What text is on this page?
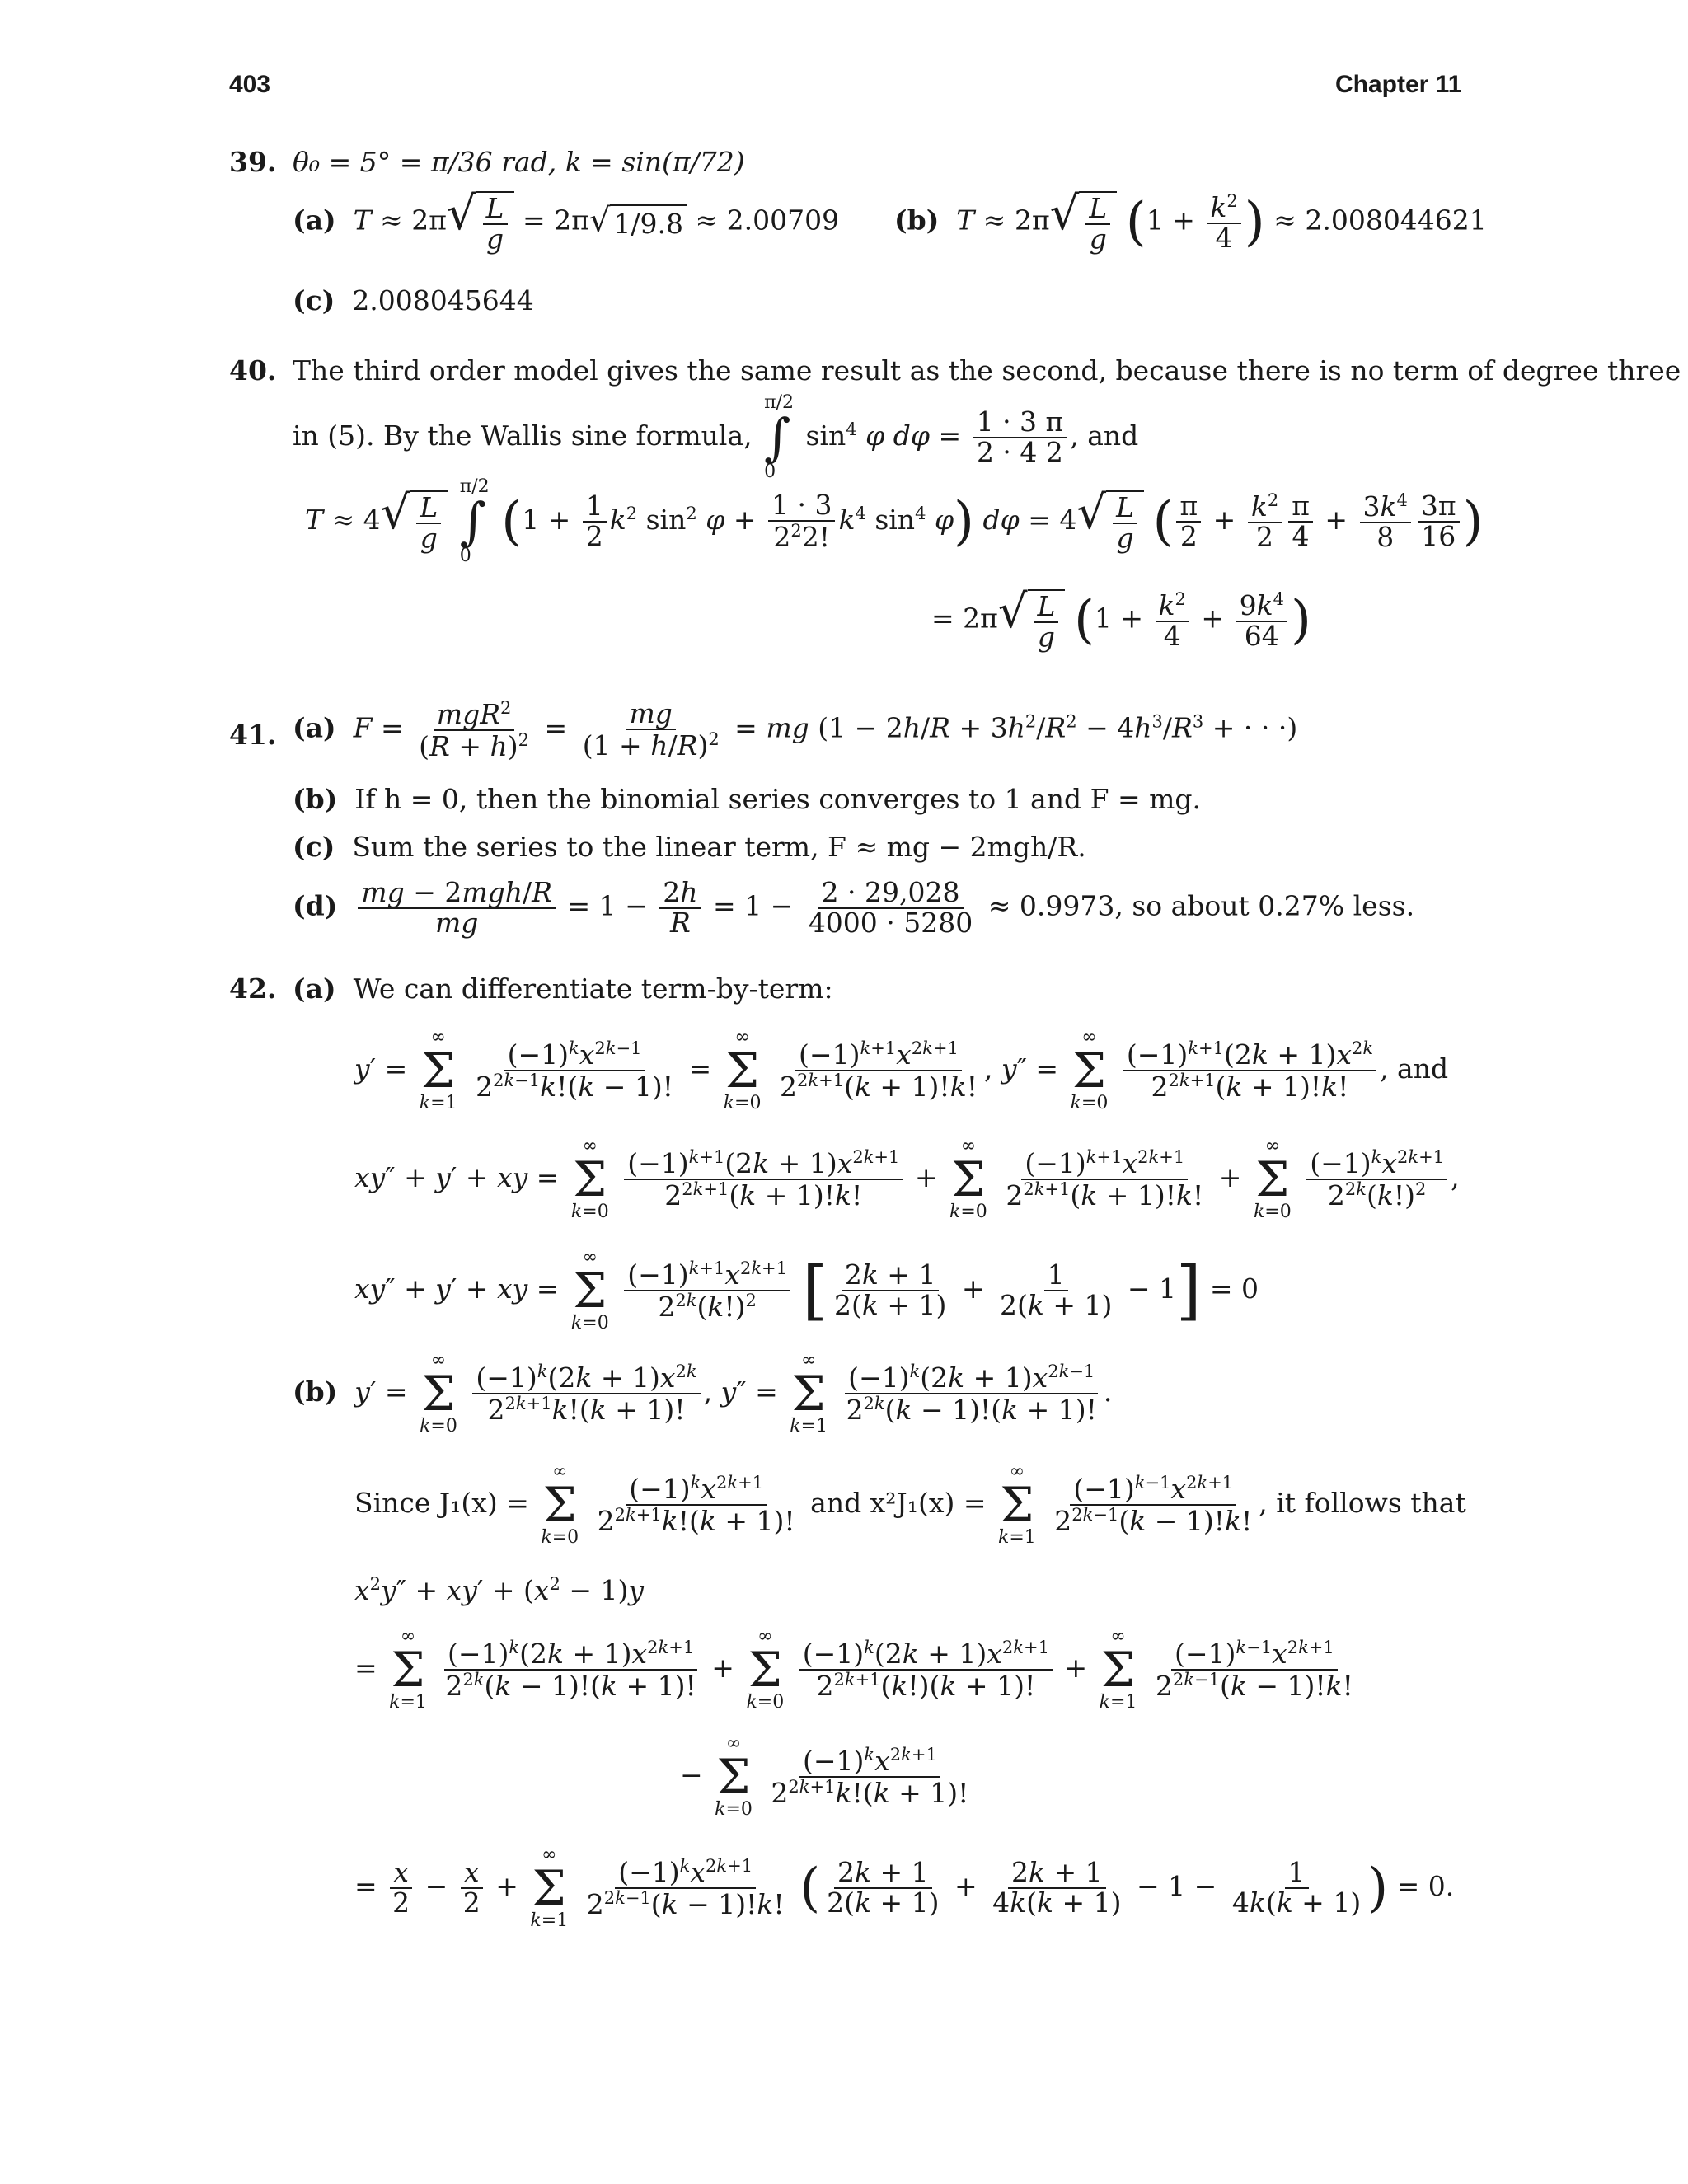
403	Chapter 11
39. θ₀ = 5° = π/36 rad, k = sin(π/72)
(a) T ≈ 2π √ $\frac{L}{g} = 2\pi$ √ 1/9.8 ≈ 2.00709 (b) T ≈ 2π √ $\frac{L}{g} (1 + \frac{k^2}{4}$ ) ≈ 2.008044621
(c) 2.008045644
40. The third order model gives the same result as the second, because there is no term of degree three
in (5). By the Wallis sine formula,
π/2
∫
0
$\sin^4 \varphi$ $d\varphi = \frac{1 \cdot 3 \pi}{2 \cdot 4 2}$ , and
T ≈ 4 √ $\frac{L}{g}$

π/2
∫
0
($1 + \frac{1}{2} k^2$ $\sin^2 \varphi + \frac{1 \cdot 3}{2^22!} k^4$ $\sin^4 \varphi$) dφ = 4 √ $\frac{L}{g}$ ( $\frac{\pi}{2} + \frac{k^2}{2} \frac{\pi}{4} + \frac{3k^4}{8} \frac{3\pi}{16}$ )
= 2π √ $\frac{L}{g} (1 + \frac{k^2}{4} + \frac{9k^4}{64}$ )
41. (a) $F = \frac{mgR^2}{(R + h)^2} = \frac{mg}{(1 + h/R)^2}$ = mg ($1 - 2h/R + 3h^2/R^2 - 4h^3/R^3$ + · · ·)
(b) If h = 0, then the binomial series converges to 1 and F = mg.
(c) Sum the series to the linear term, F ≈ mg − 2mgh/R.
$(d) \frac{\text{mg − 2mgh/R}}{mg} = 1 - \frac{2h}{R} = 1 - \frac{2 \cdot 29,028}{4000 \cdot 5280} \approx 0.9973$, so about 0.27% less.
42. (a) We can differentiate term-by-term:
y′ =
∞
Σ
k=1

$\frac{(-1)^kx^{2k-1}}{2^{2k-1}k!(k - 1)!}$ =
∞
Σ
k=0

$\frac{(-1)^{k+1}x^{2k+1}}{2^{2k+1}(k + 1)!k!}$ , y″ =
∞
Σ
k=0

$\frac{(-1)^{k+1}(2k + 1)x^{2k}}{2^{2k+1}(k + 1)!k!}$ , and
xy″ + y′ + xy =
∞
Σ
k=0

$\frac{(-1)^{k+1}(2k + 1)x^{2k+1}}{2^{2k+1}(k + 1)!k!}$ +
∞
Σ
k=0

$\frac{(-1)^{k+1}x^{2k+1}}{2^{2k+1}(k + 1)!k!}$ +
∞
Σ
k=0

$\frac{(-1)^kx^{2k+1}}{2^{2k}(k!)^2}$ ,
xy″ + y′ + xy =
∞
Σ
k=0

$\frac{(-1)^{k+1}x^{2k+1}}{2^{2k}(k!)^2}$ [ $\frac{2k + 1}{2(k + 1)} + \frac{1}{2(k + 1)} - 1] = 0$
(b) y′ =
∞
Σ
k=0

$\frac{(-1)^k(2k + 1)x^{2k}}{2^{2k+1}k!(k + 1)!}$ , y″ =
∞
Σ
k=1

$\frac{(-1)^k(2k + 1)x^{2k-1}}{2^{2k}(k - 1)!(k + 1)!}$ .
Since J₁(x) =
∞
Σ
k=0

$\frac{(-1)^kx^{2k+1}}{2^{2k+1}k!(k + 1)!}$ and x²J₁(x) =
∞
Σ
k=1

$\frac{(-1)^{k-1}x^{2k+1}}{2^{2k-1}(k - 1)!k!}$ , it follows that
$x^2y'' + xy' + (x^2 - 1)y$
=
∞
Σ
k=1

$\frac{(-1)^k(2k + 1)x^{2k+1}}{2^{2k}(k - 1)!(k + 1)!}$ +
∞
Σ
k=0

$\frac{(-1)^k(2k + 1)x^{2k+1}}{2^{2k+1}(k!)(k + 1)!}$ +
∞
Σ
k=1

$\frac{(-1)^{k-1}x^{2k+1}}{2^{2k-1}(k - 1)!k!}$
−
∞
Σ
k=0

$\frac{(-1)^kx^{2k+1}}{2^{2k+1}k!(k + 1)!}$
= $\frac{x}{2} - \frac{x}{2}$ +
∞
Σ
k=1

$\frac{(-1)^kx^{2k+1}}{2^{2k-1}(k - 1)!k!}$ ( $\frac{2k + 1}{2(k + 1)} + \frac{2k + 1}{4k(k + 1)} - 1 - \frac{1}{4k(k + 1)}$ ) = 0.
